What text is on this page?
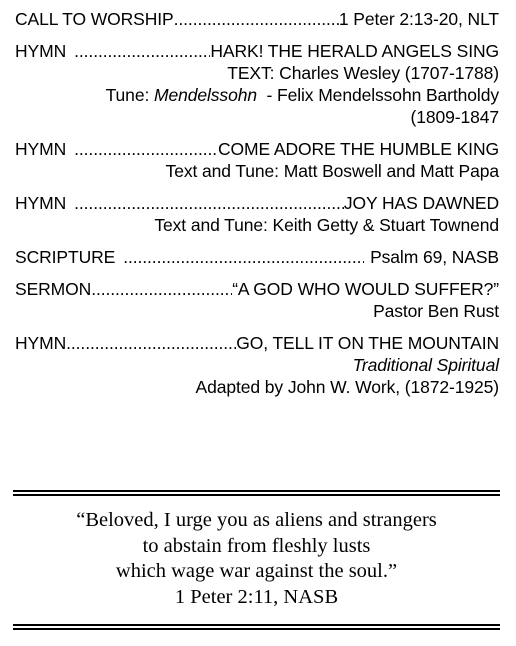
CALL TO WORSHIP .....	1 Peter 2:13-20, NLT
HYMN .....	HARK! THE HERALD ANGELS SING
TEXT: Charles Wesley (1707-1788)
Tune: Mendelssohn  - Felix Mendelssohn Bartholdy
(1809-1847
HYMN .....	COME ADORE THE HUMBLE KING
Text and Tune: Matt Boswell and Matt Papa
HYMN .....	JOY HAS DAWNED
Text and Tune: Keith Getty & Stuart Townend
SCRIPTURE .....	Psalm 69, NASB
SERMON .....	“A GOD WHO WOULD SUFFER?”
Pastor Ben Rust
HYMN .....	GO, TELL IT ON THE MOUNTAIN
Traditional Spiritual
Adapted by John W. Work, (1872-1925)
“Beloved, I urge you as aliens and strangers
to abstain from fleshly lusts
which wage war against the soul.”
1 Peter 2:11, NASB
